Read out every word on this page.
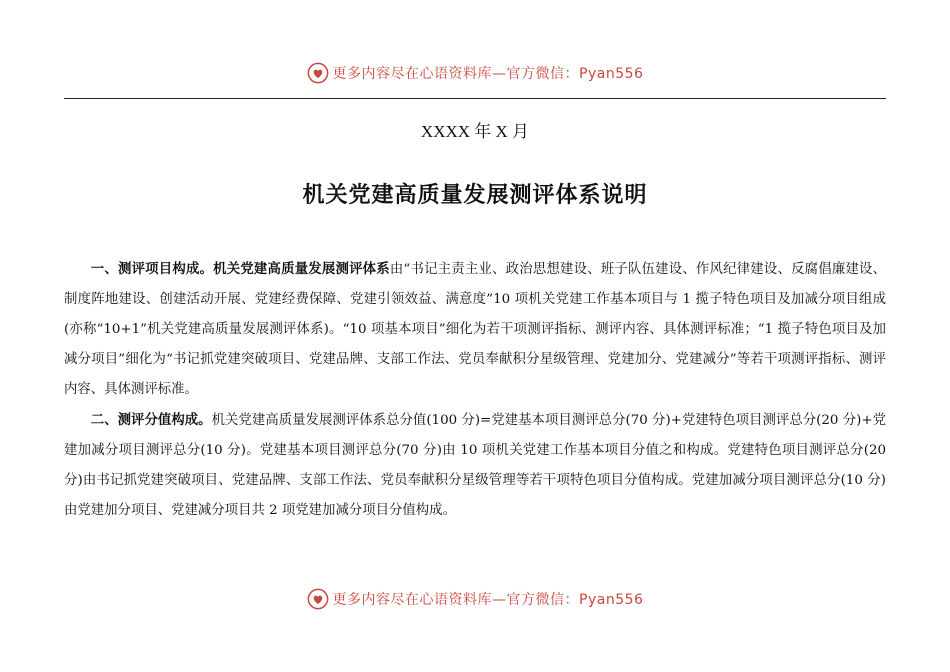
更多内容尽在心语资料库—官方微信：Pyan556
XXXX 年 X 月
机关党建高质量发展测评体系说明

一、测评项目构成。机关党建高质量发展测评体系由“书记主责主业、政治思想建设、班子队伍建设、作风纪律建设、反腐倡廉建设、制度阵地建设、创建活动开展、党建经费保障、党建引领效益、满意度”10 项机关党建工作基本项目与 1 揽子特色项目及加减分项目组成(亦称“10+1”机关党建高质量发展测评体系)。“10 项基本项目”细化为若干项测评指标、测评内容、具体测评标准；“1 揽子特色项目及加减分项目”细化为“书记抓党建突破项目、党建品牌、支部工作法、党员奉献积分星级管理、党建加分、党建减分”等若干项测评指标、测评内容、具体测评标准。

二、测评分值构成。机关党建高质量发展测评体系总分值(100 分)=党建基本项目测评总分(70 分)+党建特色项目测评总分(20 分)+党建加减分项目测评总分(10 分)。党建基本项目测评总分(70 分)由 10 项机关党建工作基本项目分值之和构成。党建特色项目测评总分(20 分)由书记抓党建突破项目、党建品牌、支部工作法、党员奉献积分星级管理等若干项特色项目分值构成。党建加减分项目测评总分(10 分)由党建加分项目、党建减分项目共 2 项党建加减分项目分值构成。

更多内容尽在心语资料库—官方微信：Pyan556
